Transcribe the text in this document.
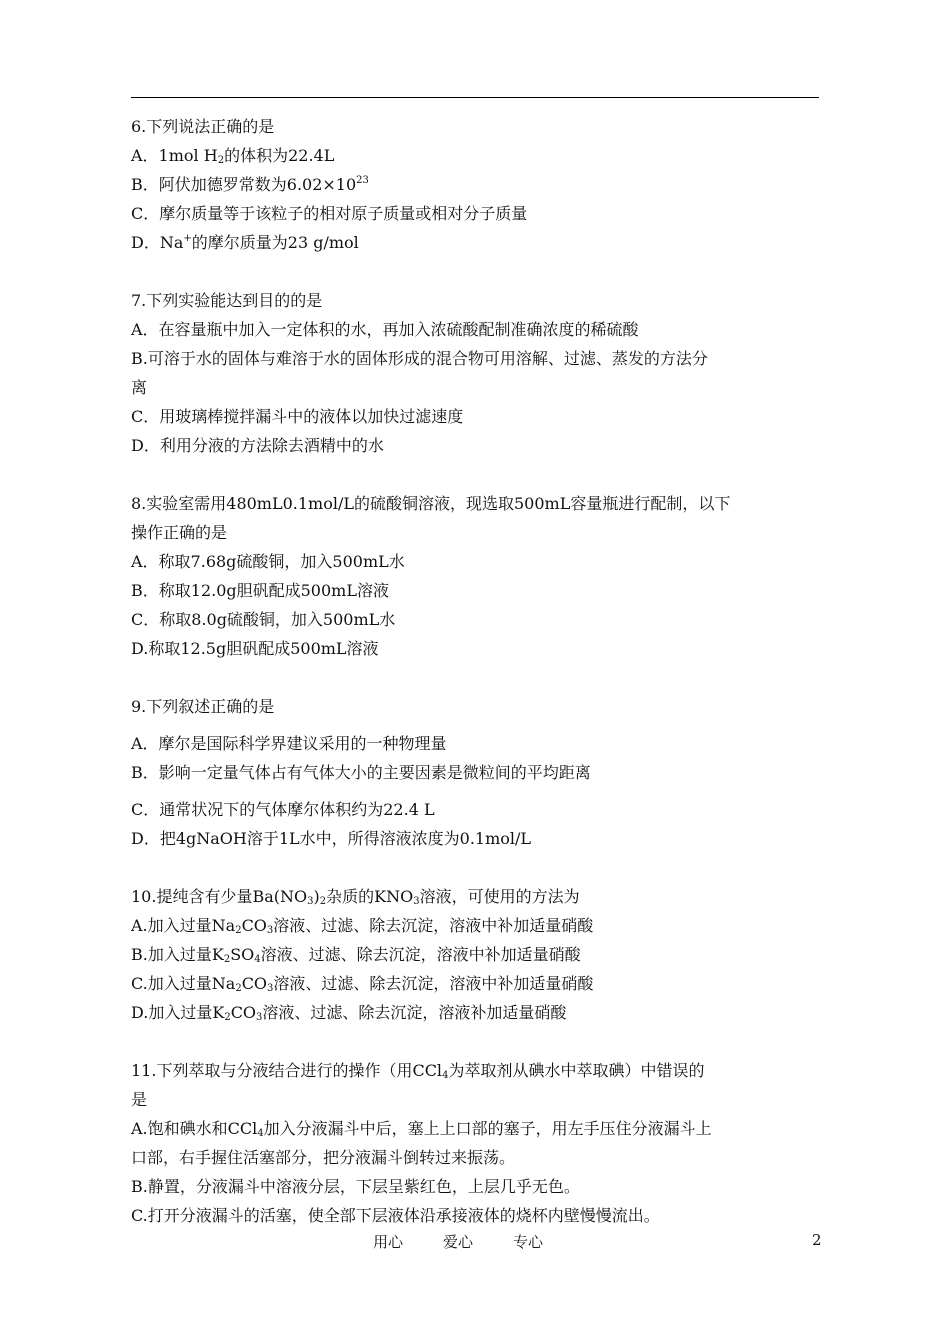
6.下列说法正确的是
A．1mol $H_2$的体积为22.4L
B．阿伏加德罗常数为$6.02\times 10^{23}$
C．摩尔质量等于该粒子的相对原子质量或相对分子质量
D．Na+的摩尔质量为23 g/mol
7.下列实验能达到目的的是
A．在容量瓶中加入一定体积的水，再加入浓硫酸配制准确浓度的稀硫酸
B.可溶于水的固体与难溶于水的固体形成的混合物可用溶解、过滤、蒸发的方法分
离
C．用玻璃棒搅拌漏斗中的液体以加快过滤速度
D．利用分液的方法除去酒精中的水
8.实验室需用480mL0.1mol/L的硫酸铜溶液，现选取500mL容量瓶进行配制，以下
操作正确的是
A．称取7.68g硫酸铜，加入500mL水
B．称取12.0g胆矾配成500mL溶液
C．称取8.0g硫酸铜，加入500mL水
D.称取12.5g胆矾配成500mL溶液
9.下列叙述正确的是
A．摩尔是国际科学界建议采用的一种物理量
B．影响一定量气体占有气体大小的主要因素是微粒间的平均距离
C．通常状况下的气体摩尔体积约为22.4 L
D．把4gNaOH溶于1L水中，所得溶液浓度为0.1mol/L
10.提纯含有少量$Ba(NO_3)_2$杂质的$KNO_3$溶液，可使用的方法为
A.加入过量$Na_2CO_3$溶液、过滤、除去沉淀，溶液中补加适量硝酸
B.加入过量$K_2SO_4$溶液、过滤、除去沉淀，溶液中补加适量硝酸
C.加入过量$Na_2CO_3$溶液、过滤、除去沉淀，溶液中补加适量硝酸
D.加入过量$K_2CO_3$溶液、过滤、除去沉淀，溶液补加适量硝酸
11.下列萃取与分液结合进行的操作（用CCl$_4$为萃取剂从碘水中萃取碘）中错误的
是
A.饱和碘水和CCl$_4$加入分液漏斗中后，塞上上口部的塞子，用左手压住分液漏斗上
口部，右手握住活塞部分，把分液漏斗倒转过来振荡。
B.静置，分液漏斗中溶液分层，下层呈紫红色，上层几乎无色。
C.打开分液漏斗的活塞，使全部下层液体沿承接液体的烧杯内壁慢慢流出。
用心	爱心	专心	2
